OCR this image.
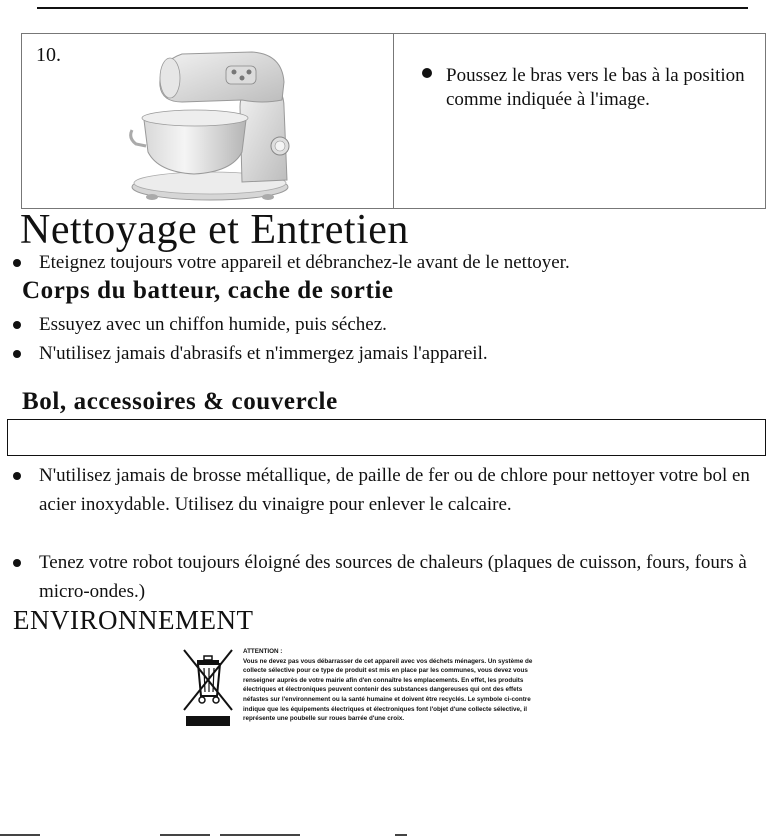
10.
Poussez le bras vers le bas à la position comme indiquée à l'image.
Nettoyage et Entretien
Eteignez toujours votre appareil et débranchez-le avant de le nettoyer.
Corps du batteur, cache de sortie
Essuyez avec un chiffon humide, puis séchez.
N'utilisez jamais d'abrasifs et n'immergez jamais l'appareil.
Bol, accessoires & couvercle
N'utilisez jamais de brosse métallique, de paille de fer ou de chlore pour nettoyer votre bol en acier inoxydable. Utilisez du vinaigre pour enlever le calcaire.
Tenez votre robot toujours éloigné des sources de chaleurs (plaques de cuisson, fours, fours à micro-ondes.)
ENVIRONNEMENT
ATTENTION :
Vous ne devez pas vous débarrasser de cet appareil avec vos déchets ménagers. Un système de collecte sélective pour ce type de produit est mis en place par les communes, vous devez vous renseigner auprès de votre mairie afin d'en connaître les emplacements. En effet, les produits électriques et électroniques peuvent contenir des substances dangereuses qui ont des effets néfastes sur l'environnement ou la santé humaine et doivent être recyclés. Le symbole ci-contre indique que les équipements électriques et électroniques font l'objet d'une collecte sélective, il représente une poubelle sur roues barrée d'une croix.
